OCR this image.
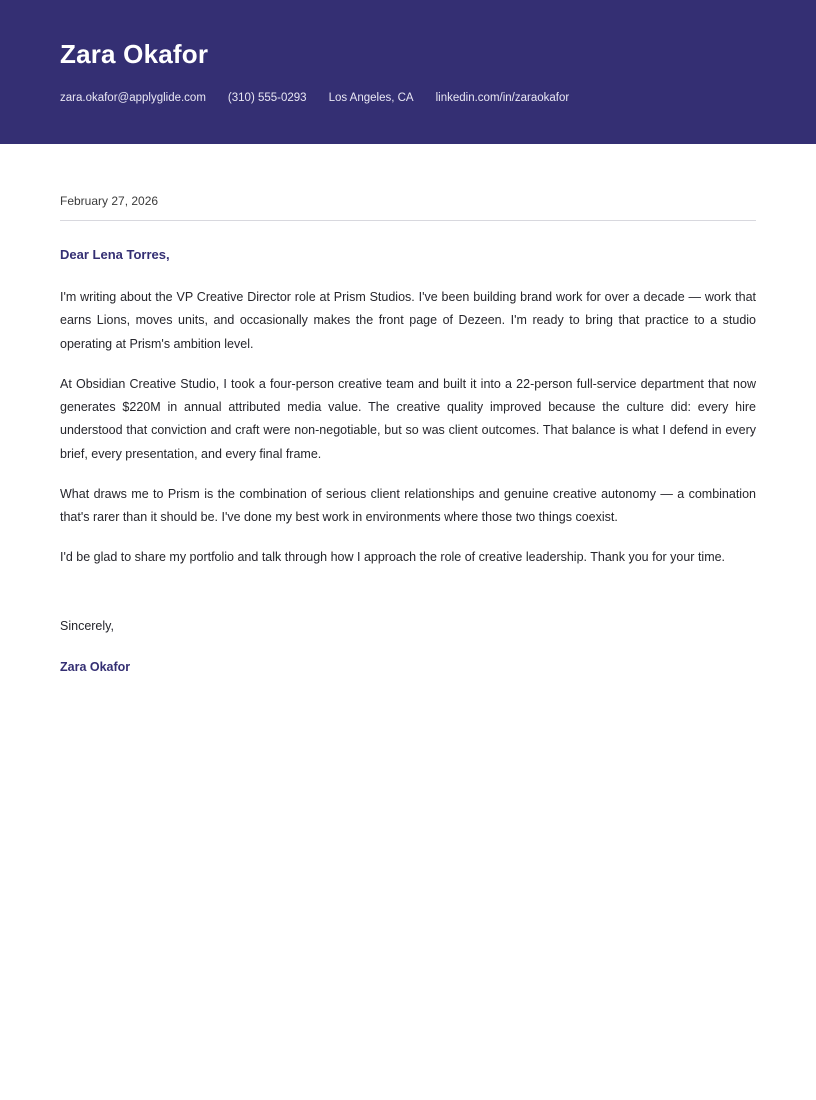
Zara Okafor
zara.okafor@applyglide.com (310) 555-0293 Los Angeles, CA linkedin.com/in/zaraokafor
February 27, 2026
Dear Lena Torres,

I'm writing about the VP Creative Director role at Prism Studios. I've been building brand work for over a decade — work that earns Lions, moves units, and occasionally makes the front page of Dezeen. I'm ready to bring that practice to a studio operating at Prism's ambition level.

At Obsidian Creative Studio, I took a four-person creative team and built it into a 22-person full-service department that now generates $220M in annual attributed media value. The creative quality improved because the culture did: every hire understood that conviction and craft were non-negotiable, but so was client outcomes. That balance is what I defend in every brief, every presentation, and every final frame.

What draws me to Prism is the combination of serious client relationships and genuine creative autonomy — a combination that's rarer than it should be. I've done my best work in environments where those two things coexist.

I'd be glad to share my portfolio and talk through how I approach the role of creative leadership. Thank you for your time.

Sincerely,
Zara Okafor
